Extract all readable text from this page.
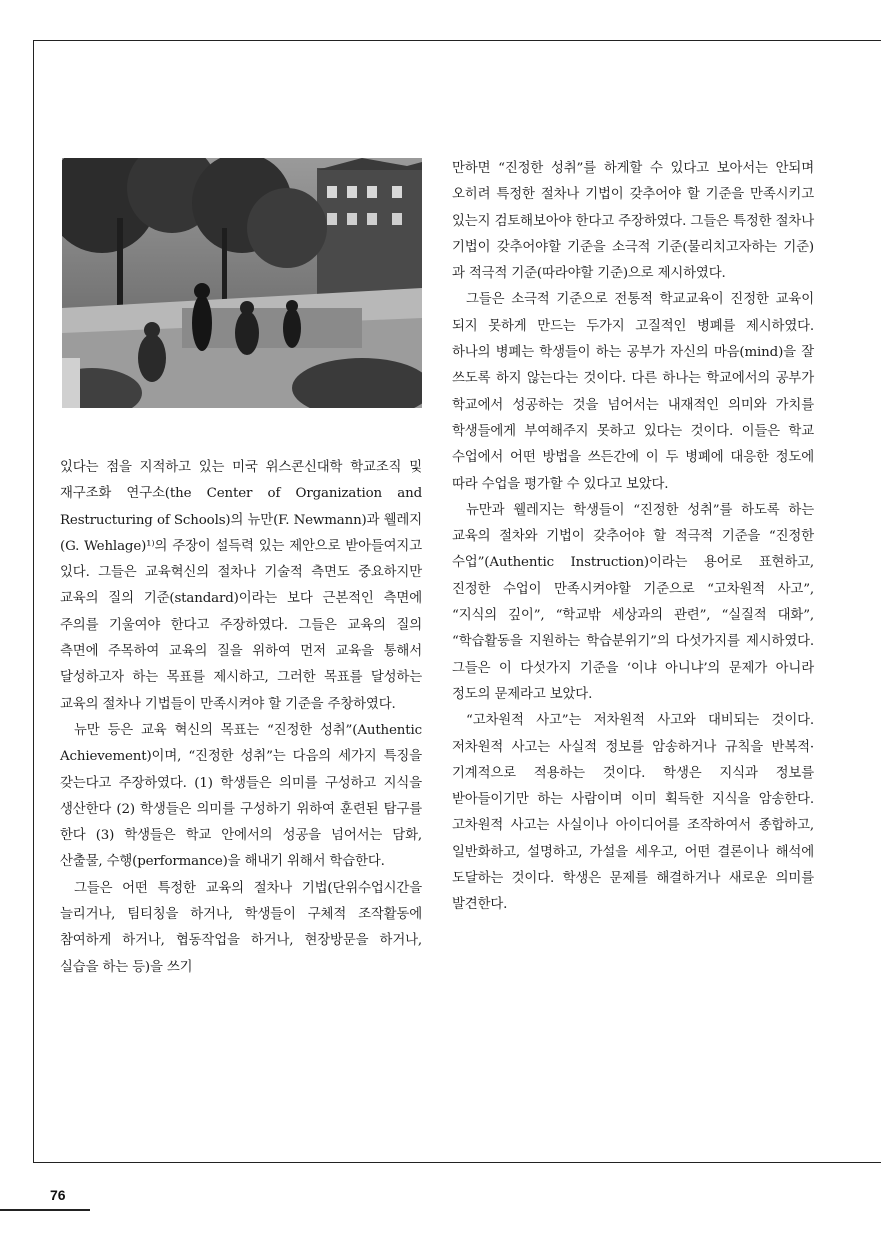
있다는 점을 지적하고 있는 미국 위스콘신대학 학교조직 및 재구조화 연구소(the Center of Organization and Restructuring of Schools)의 뉴만(F. Newmann)과 웰레지(G. Wehlage)¹⁾의 주장이 설득력 있는 제안으로 받아들여지고 있다. 그들은 교육혁신의 절차나 기술적 측면도 중요하지만 교육의 질의 기준(standard)이라는 보다 근본적인 측면에 주의를 기울여야 한다고 주장하였다. 그들은 교육의 질의 측면에 주목하여 교육의 질을 위하여 먼저 교육을 통해서 달성하고자 하는 목표를 제시하고, 그러한 목표를 달성하는 교육의 절차나 기법들이 만족시켜야 할 기준을 주창하였다.

뉴만 등은 교육 혁신의 목표는 “진정한 성취”(Authentic Achievement)이며, “진정한 성취”는 다음의 세가지 특징을 갖는다고 주장하였다. (1) 학생들은 의미를 구성하고 지식을 생산한다 (2) 학생들은 의미를 구성하기 위하여 훈련된 탐구를 한다 (3) 학생들은 학교 안에서의 성공을 넘어서는 담화, 산출물, 수행(performance)을 해내기 위해서 학습한다.

그들은 어떤 특정한 교육의 절차나 기법(단위수업시간을 늘리거나, 팀티칭을 하거나, 학생들이 구체적 조작활동에 참여하게 하거나, 협동작업을 하거나, 현장방문을 하거나, 실습을 하는 등)을 쓰기

만하면 “진정한 성취”를 하게할 수 있다고 보아서는 안되며 오히려 특정한 절차나 기법이 갖추어야 할 기준을 만족시키고 있는지 검토해보아야 한다고 주장하였다. 그들은 특정한 절차나 기법이 갖추어야할 기준을 소극적 기준(물리치고자하는 기준)과 적극적 기준(따라야할 기준)으로 제시하였다.

그들은 소극적 기준으로 전통적 학교교육이 진정한 교육이 되지 못하게 만드는 두가지 고질적인 병폐를 제시하였다. 하나의 병폐는 학생들이 하는 공부가 자신의 마음(mind)을 잘 쓰도록 하지 않는다는 것이다. 다른 하나는 학교에서의 공부가 학교에서 성공하는 것을 넘어서는 내재적인 의미와 가치를 학생들에게 부여해주지 못하고 있다는 것이다. 이들은 학교 수업에서 어떤 방법을 쓰든간에 이 두 병폐에 대응한 정도에 따라 수업을 평가할 수 있다고 보았다.

뉴만과 웰레지는 학생들이 “진정한 성취”를 하도록 하는 교육의 절차와 기법이 갖추어야 할 적극적 기준을 “진정한 수업”(Authentic Instruction)이라는 용어로 표현하고, 진정한 수업이 만족시켜야할 기준으로 “고차원적 사고”, “지식의 깊이”, “학교밖 세상과의 관련”, “실질적 대화”, “학습활동을 지원하는 학습분위기”의 다섯가지를 제시하였다. 그들은 이 다섯가지 기준을 ‘이냐 아니냐’의 문제가 아니라 정도의 문제라고 보았다.

“고차원적 사고”는 저차원적 사고와 대비되는 것이다. 저차원적 사고는 사실적 정보를 암송하거나 규칙을 반복적·기계적으로 적용하는 것이다. 학생은 지식과 정보를 받아들이기만 하는 사람이며 이미 획득한 지식을 암송한다. 고차원적 사고는 사실이나 아이디어를 조작하여서 종합하고, 일반화하고, 설명하고, 가설을 세우고, 어떤 결론이나 해석에 도달하는 것이다. 학생은 문제를 해결하거나 새로운 의미를 발견한다.

76
